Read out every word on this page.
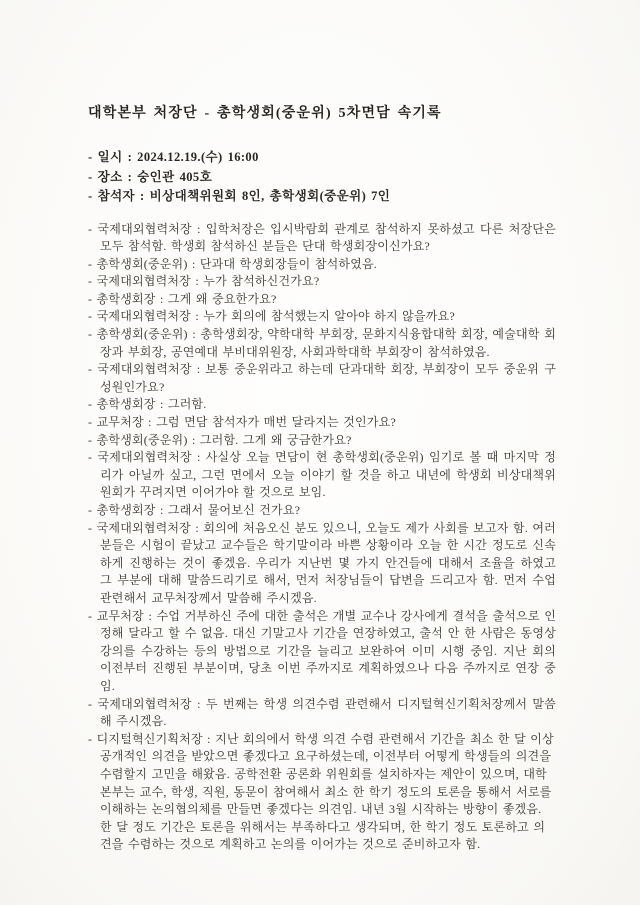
대학본부 처장단 - 총학생회(중운위) 5차면담 속기록
- 일시 : 2024.12.19.(수) 16:00
- 장소 : 숭인관 405호
- 참석자 : 비상대책위원회 8인, 총학생회(중운위) 7인

- 국제대외협력처장 : 입학처장은 입시박람회 관계로 참석하지 못하셨고 다른 처장단은 모두 참석함. 학생회 참석하신 분들은 단대 학생회장이신가요?

- 총학생회(중운위) : 단과대 학생회장들이 참석하였음.

- 국제대외협력처장 : 누가 참석하신건가요?

- 총학생회장 : 그게 왜 중요한가요?

- 국제대외협력처장 : 누가 회의에 참석했는지 알아야 하지 않을까요?

- 총학생회(중운위) : 총학생회장, 약학대학 부회장, 문화지식융합대학 회장, 예술대학 회장과 부회장, 공연예대 부비대위원장, 사회과학대학 부회장이 참석하였음.

- 국제대외협력처장 : 보통 중운위라고 하는데 단과대학 회장, 부회장이 모두 중운위 구성원인가요?

- 총학생회장 : 그러함.

- 교무처장 : 그럼 면담 참석자가 매번 달라지는 것인가요?

- 총학생회(중운위) : 그러함. 그게 왜 궁금한가요?

- 국제대외협력처장 : 사실상 오늘 면담이 현 총학생회(중운위) 임기로 볼 때 마지막 정리가 아닐까 싶고, 그런 면에서 오늘 이야기 할 것을 하고 내년에 학생회 비상대책위원회가 꾸려지면 이어가야 할 것으로 보임.

- 총학생회장 : 그래서 물어보신 건가요?

- 국제대외협력처장 : 회의에 처음오신 분도 있으니, 오늘도 제가 사회를 보고자 함. 여러분들은 시험이 끝났고 교수들은 학기말이라 바쁜 상황이라 오늘 한 시간 정도로 신속하게 진행하는 것이 좋겠음. 우리가 지난번 몇 가지 안건들에 대해서 조율을 하였고 그 부분에 대해 말씀드리기로 해서, 먼저 처장님들이 답변을 드리고자 함. 먼저 수업 관련해서 교무처장께서 말씀해 주시겠음.

- 교무처장 : 수업 거부하신 주에 대한 출석은 개별 교수나 강사에게 결석을 출석으로 인정해 달라고 할 수 없음. 대신 기말고사 기간을 연장하였고, 출석 안 한 사람은 동영상 강의를 수강하는 등의 방법으로 기간을 늘리고 보완하여 이미 시행 중임. 지난 회의 이전부터 진행된 부분이며, 당초 이번 주까지로 계획하였으나 다음 주까지로 연장 중임.

- 국제대외협력처장 : 두 번째는 학생 의견수렴 관련해서 디지털혁신기획처장께서 말씀해 주시겠음.

- 디지털혁신기획처장 : 지난 회의에서 학생 의견 수렴 관련해서 기간을 최소 한 달 이상 공개적인 의견을 받았으면 좋겠다고 요구하셨는데, 이전부터 어떻게 학생들의 의견을 수렴할지 고민을 해왔음. 공학전환 공론화 위원회를 설치하자는 제안이 있으며, 대학본부는 교수, 학생, 직원, 동문이 참여해서 최소 한 학기 정도의 토론을 통해서 서로를 이해하는 논의협의체를 만들면 좋겠다는 의견임. 내년 3월 시작하는 방향이 좋겠음. 한 달 정도 기간은 토론을 위해서는 부족하다고 생각되며, 한 학기 정도 토론하고 의견을 수렴하는 것으로 계획하고 논의를 이어가는 것으로 준비하고자 함.
